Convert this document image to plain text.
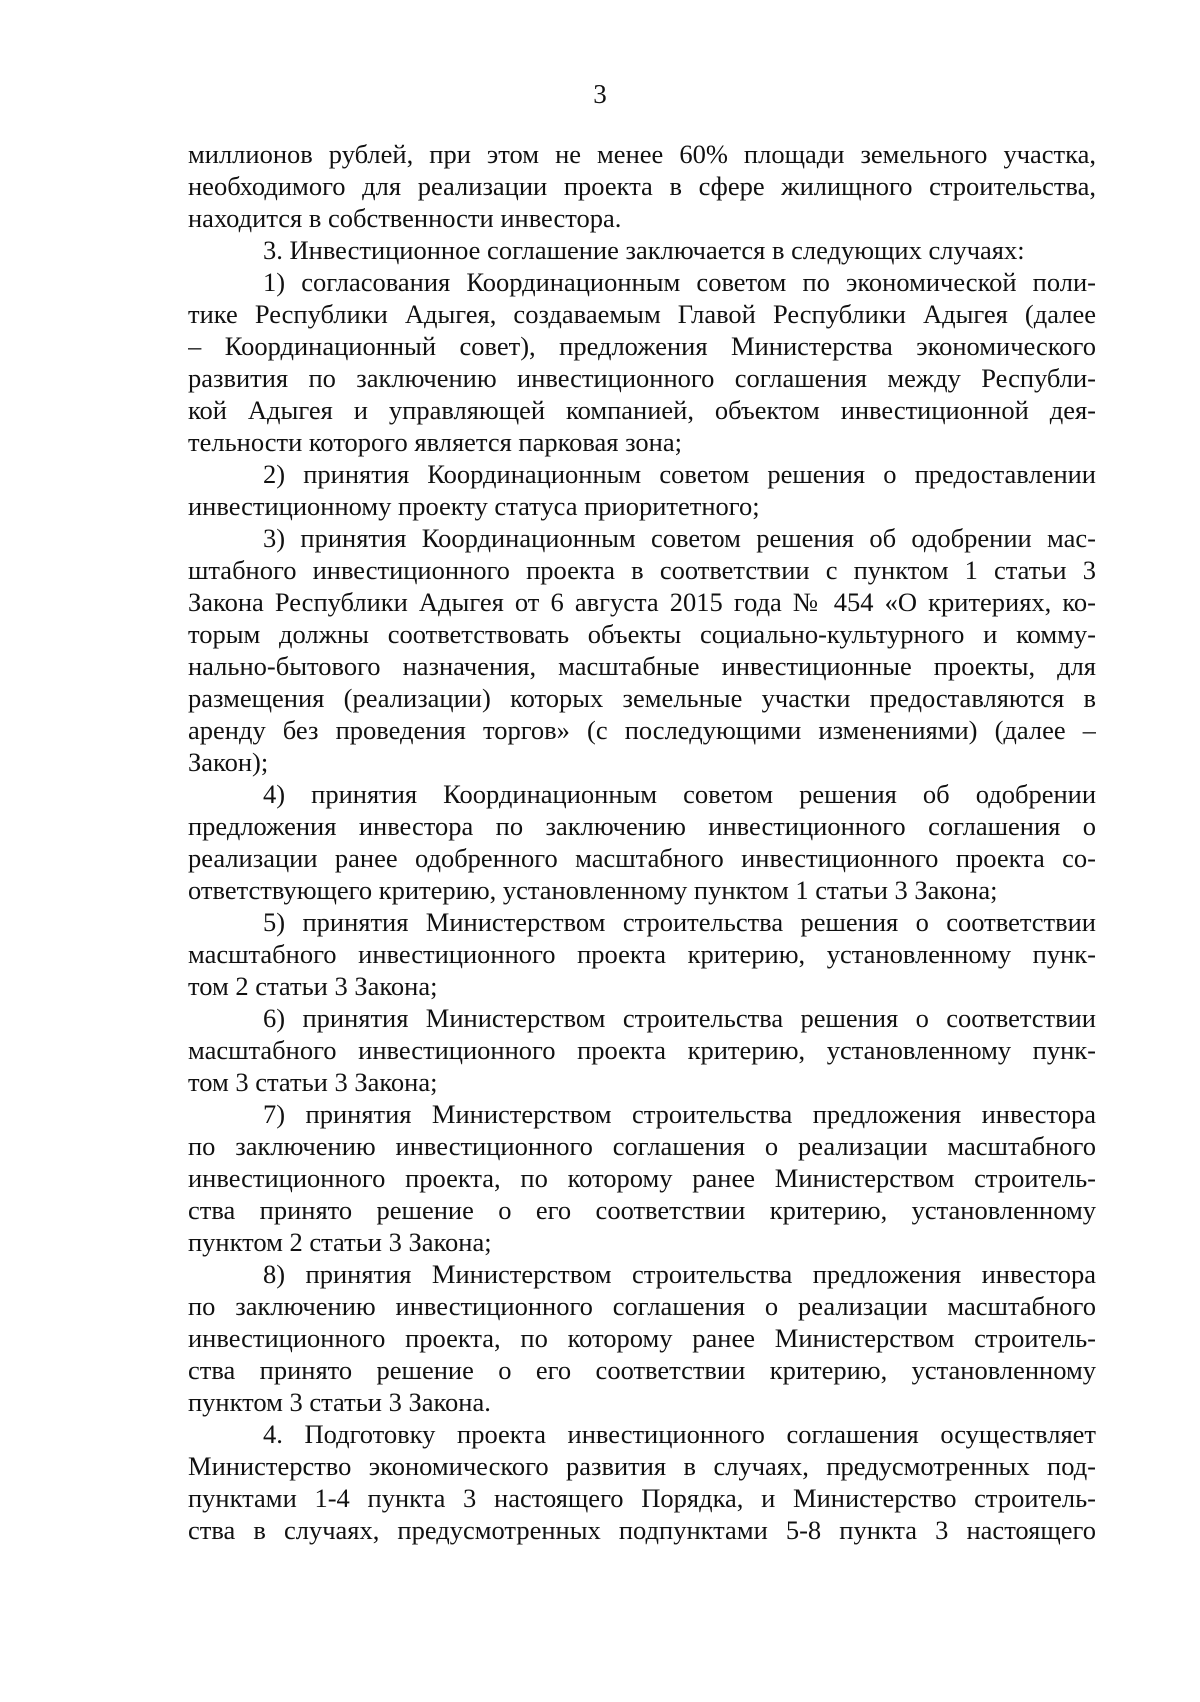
3
миллионов рублей, при этом не менее 60% площади земельного участка,
необходимого для реализации проекта в сфере жилищного строительства,
находится в собственности инвестора.
3. Инвестиционное соглашение заключается в следующих случаях:
1) согласования Координационным советом по экономической поли-
тике Республики Адыгея, создаваемым Главой Республики Адыгея (далее
– Координационный совет), предложения Министерства экономического
развития по заключению инвестиционного соглашения между Республи-
кой Адыгея и управляющей компанией, объектом инвестиционной дея-
тельности которого является парковая зона;
2) принятия Координационным советом решения о предоставлении
инвестиционному проекту статуса приоритетного;
3) принятия Координационным советом решения об одобрении мас-
штабного инвестиционного проекта в соответствии с пунктом 1 статьи 3
Закона Республики Адыгея от 6 августа 2015 года № 454 «О критериях, ко-
торым должны соответствовать объекты социально-культурного и комму-
нально-бытового назначения, масштабные инвестиционные проекты, для
размещения (реализации) которых земельные участки предоставляются в
аренду без проведения торгов» (с последующими изменениями) (далее –
Закон);
4) принятия Координационным советом решения об одобрении
предложения инвестора по заключению инвестиционного соглашения о
реализации ранее одобренного масштабного инвестиционного проекта со-
ответствующего критерию, установленному пунктом 1 статьи 3 Закона;
5) принятия Министерством строительства решения о соответствии
масштабного инвестиционного проекта критерию, установленному пунк-
том 2 статьи 3 Закона;
6) принятия Министерством строительства решения о соответствии
масштабного инвестиционного проекта критерию, установленному пунк-
том 3 статьи 3 Закона;
7) принятия Министерством строительства предложения инвестора
по заключению инвестиционного соглашения о реализации масштабного
инвестиционного проекта, по которому ранее Министерством строитель-
ства принято решение о его соответствии критерию, установленному
пунктом 2 статьи 3 Закона;
8) принятия Министерством строительства предложения инвестора
по заключению инвестиционного соглашения о реализации масштабного
инвестиционного проекта, по которому ранее Министерством строитель-
ства принято решение о его соответствии критерию, установленному
пунктом 3 статьи 3 Закона.
4. Подготовку проекта инвестиционного соглашения осуществляет
Министерство экономического развития в случаях, предусмотренных под-
пунктами 1-4 пункта 3 настоящего Порядка, и Министерство строитель-
ства в случаях, предусмотренных подпунктами 5-8 пункта 3 настоящего
